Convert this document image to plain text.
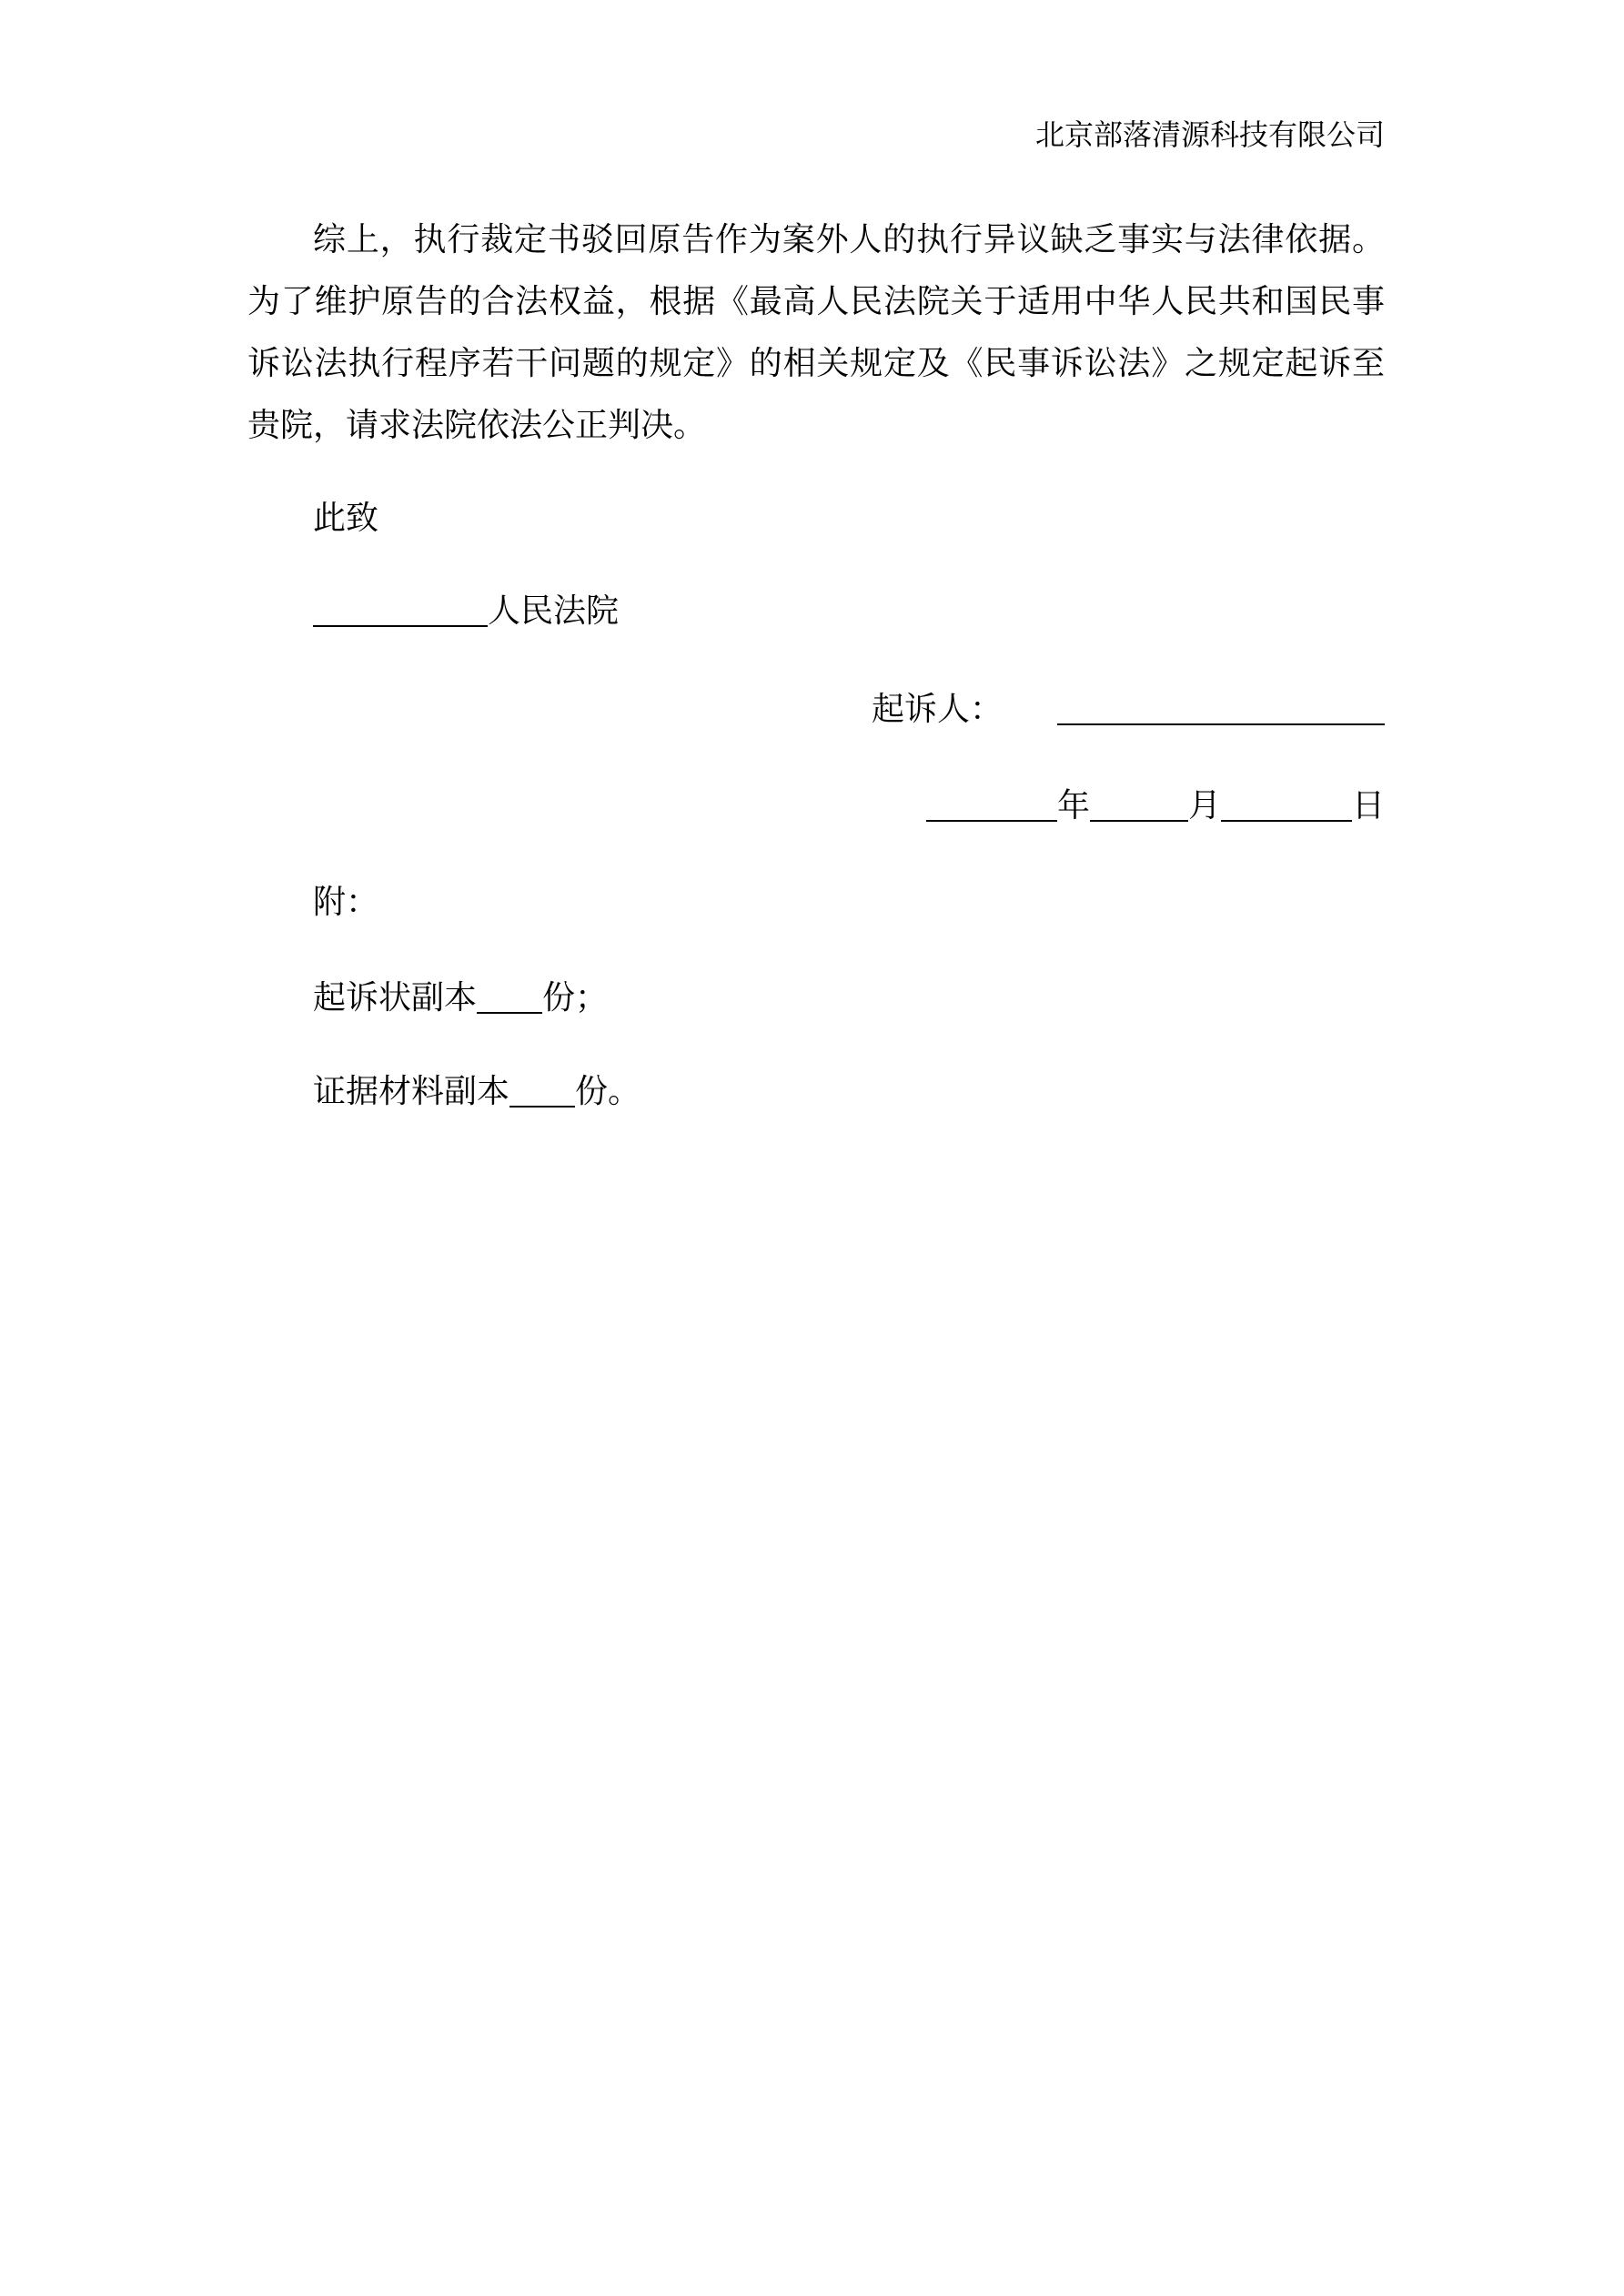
北京部落清源科技有限公司

综上，执行裁定书驳回原告作为案外人的执行异议缺乏事实与法律依据。为了维护原告的合法权益，根据《最高人民法院关于适用中华人民共和国民事诉讼法执行程序若干问题的规定》的相关规定及《民事诉讼法》之规定起诉至贵院，请求法院依法公正判决。

此致
人民法院
起诉人：
年	月	日
附：
起诉状副本 份；
证据材料副本 份。
